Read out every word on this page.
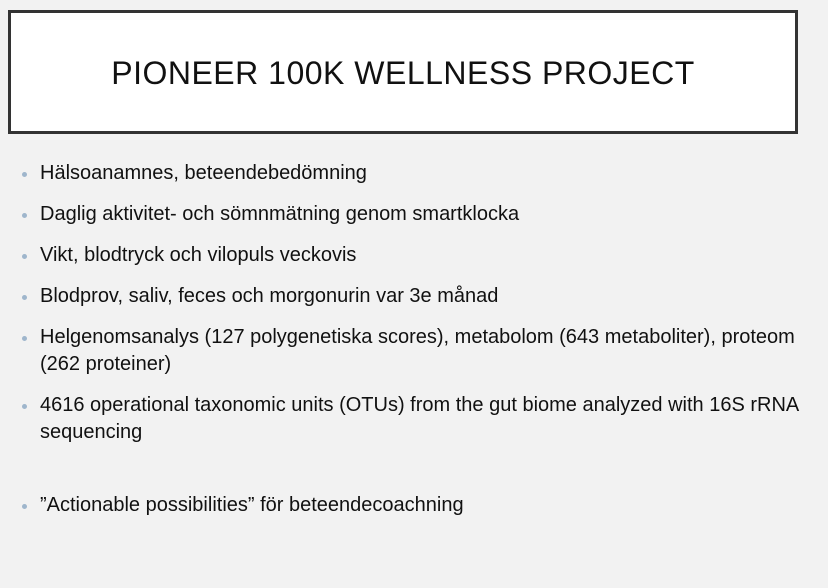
PIONEER 100K WELLNESS PROJECT
Hälsoanamnes, beteendebedömning
Daglig aktivitet- och sömnmätning genom smartklocka
Vikt, blodtryck och vilopuls veckovis
Blodprov, saliv, feces och morgonurin var 3e månad
Helgenomsanalys (127 polygenetiska scores), metabolom (643 metaboliter), proteom (262 proteiner)
4616 operational taxonomic units (OTUs) from the gut biome analyzed with 16S rRNA sequencing
”Actionable possibilities” för beteendecoachning
